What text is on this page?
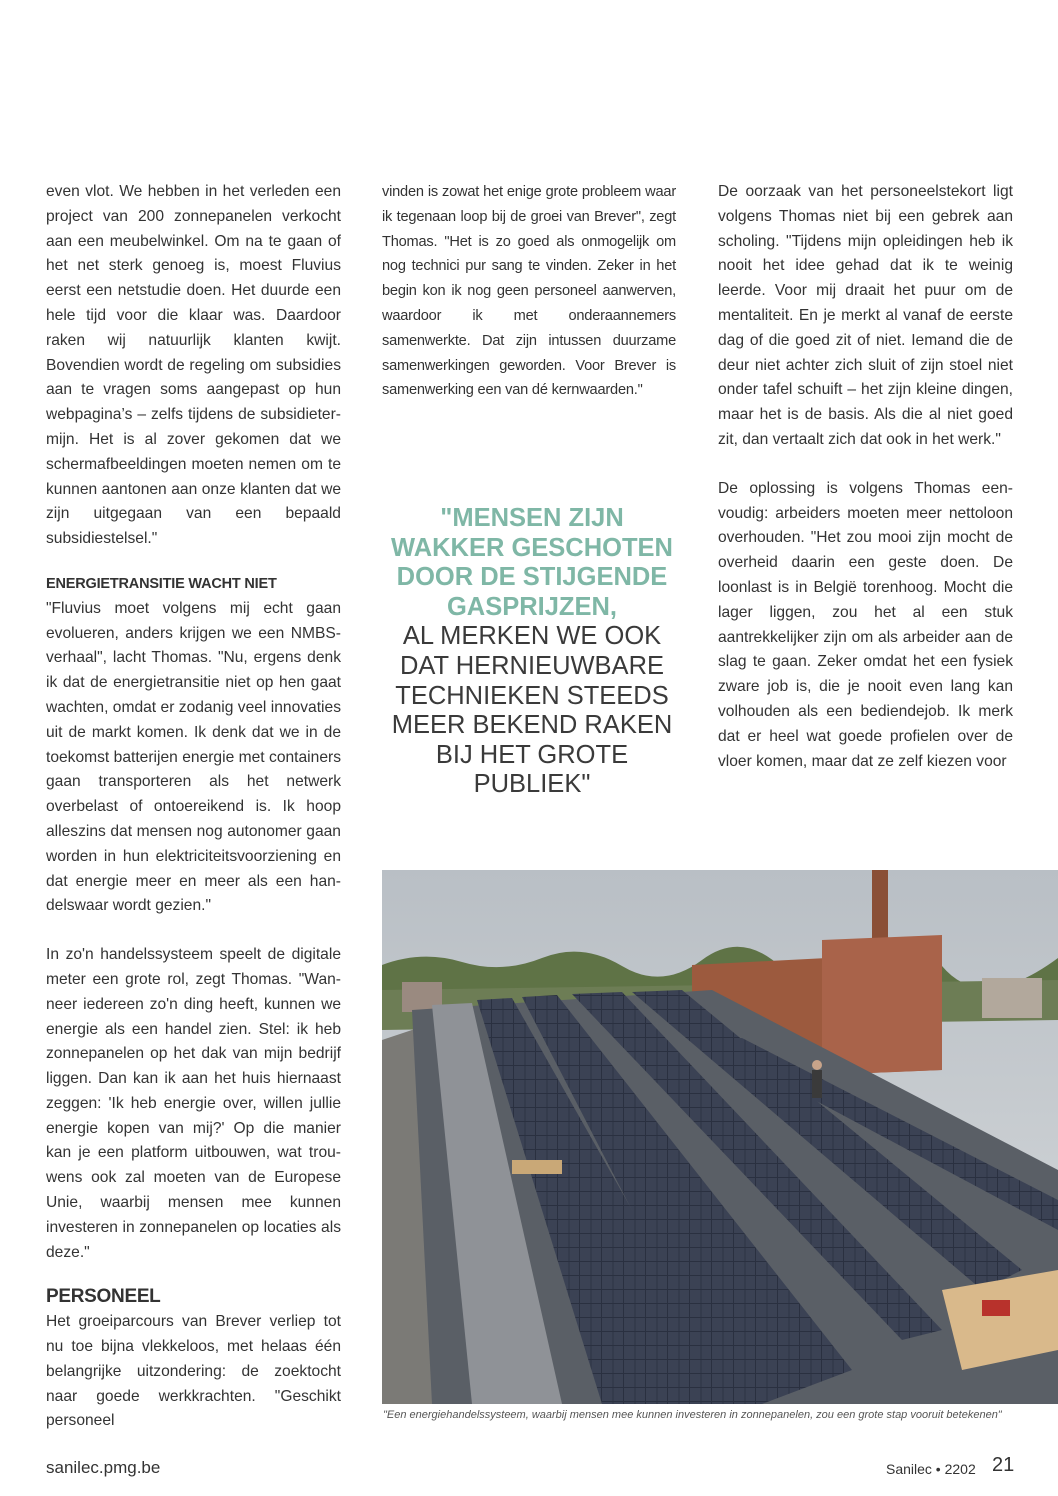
even vlot. We hebben in het verleden een project van 200 zonnepanelen verkocht aan een meubelwinkel. Om na te gaan of het net sterk genoeg is, moest Fluvius eerst een netstudie doen. Het duurde een hele tijd voor die klaar was. Daardoor raken wij natuurlijk klanten kwijt. Bovendien wordt de regeling om subsidies aan te vragen soms aangepast op hun webpagina’s – zelfs tijdens de subsidietermijn. Het is al zover gekomen dat we schermafbeeldingen moeten nemen om te kunnen aantonen aan onze klanten dat we zijn uitgegaan van een bepaald subsidiestelsel."

ENERGIETRANSITIE WACHT NIET

"Fluvius moet volgens mij echt gaan evolueren, anders krijgen we een NMBS-verhaal", lacht Thomas. "Nu, ergens denk ik dat de energietransitie niet op hen gaat wachten, omdat er zodanig veel innovaties uit de markt komen. Ik denk dat we in de toekomst batterijen energie met containers gaan transporteren als het netwerk overbelast of ontoereikend is. Ik hoop alleszins dat mensen nog autonomer gaan worden in hun elektriciteitsvoorziening en dat energie meer en meer als een handelswaar wordt gezien."

In zo'n handelssysteem speelt de digitale meter een grote rol, zegt Thomas. "Wanneer iedereen zo'n ding heeft, kunnen we energie als een handel zien. Stel: ik heb zonnepanelen op het dak van mijn bedrijf liggen. Dan kan ik aan het huis hiernaast zeggen: 'Ik heb energie over, willen jullie energie kopen van mij?' Op die manier kan je een platform uitbouwen, wat trouwens ook zal moeten van de Europese Unie, waarbij mensen mee kunnen investeren in zonnepanelen op locaties als deze."

PERSONEEL

Het groeiparcours van Brever verliep tot nu toe bijna vlekkeloos, met helaas één belangrijke uitzondering: de zoektocht naar goede werkkrachten. "Geschikt personeel

vinden is zowat het enige grote probleem waar ik tegenaan loop bij de groei van Brever", zegt Thomas. "Het is zo goed als onmogelijk om nog technici pur sang te vinden. Zeker in het begin kon ik nog geen personeel aanwerven, waardoor ik met onderaannemers samenwerkte. Dat zijn intussen duurzame samenwerkingen geworden. Voor Brever is samenwerking een van dé kernwaarden."

"MENSEN ZIJN WAKKER GESCHOTEN DOOR DE STIJGENDE GASPRIJZEN,
AL MERKEN WE OOK DAT HERNIEUWBARE TECHNIEKEN STEEDS MEER BEKEND RAKEN BIJ HET GROTE PUBLIEK"

De oorzaak van het personeelstekort ligt volgens Thomas niet bij een gebrek aan scholing. "Tijdens mijn opleidingen heb ik nooit het idee gehad dat ik te weinig leerde. Voor mij draait het puur om de mentaliteit. En je merkt al vanaf de eerste dag of die goed zit of niet. Iemand die de deur niet achter zich sluit of zijn stoel niet onder tafel schuift – het zijn kleine dingen, maar het is de basis. Als die al niet goed zit, dan vertaalt zich dat ook in het werk."

De oplossing is volgens Thomas eenvoudig: arbeiders moeten meer nettoloon overhouden. "Het zou mooi zijn mocht de overheid daarin een geste doen. De loonlast is in België torenhoog. Mocht die lager liggen, zou het al een stuk aantrekkelijker zijn om als arbeider aan de slag te gaan. Zeker omdat het een fysiek zware job is, die je nooit even lang kan volhouden als een bediendejob. Ik merk dat er heel wat goede profielen over de vloer komen, maar dat ze zelf kiezen voor

"Een energiehandelssysteem, waarbij mensen mee kunnen investeren in zonnepanelen, zou een grote stap vooruit betekenen"
sanilec.pmg.be	Sanilec • 2202 21
